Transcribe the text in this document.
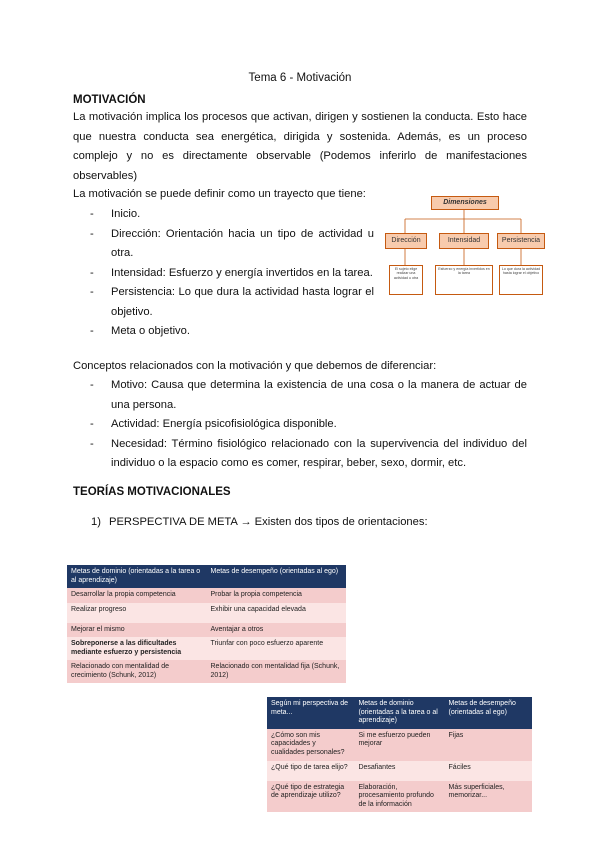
Tema 6 - Motivación
MOTIVACIÓN
La motivación implica los procesos que activan, dirigen y sostienen la conducta. Esto hace que nuestra conducta sea energética, dirigida y sostenida. Además, es un proceso complejo y no es directamente observable (Podemos inferirlo de manifestaciones observables)
La motivación se puede definir como un trayecto que tiene:
- Inicio.
- Dirección: Orientación hacia un tipo de actividad u otra.
- Intensidad: Esfuerzo y energía invertidos en la tarea.
- Persistencia: Lo que dura la actividad hasta lograr el objetivo.
- Meta o objetivo.
Dimensiones
Dirección	Intensidad	Persistencia
El sujeto elige realizar una actividad u otra
Esfuerzo y energía invertidos en la tarea
Lo que dura la actividad hasta lograr el objetivo
Conceptos relacionados con la motivación y que debemos de diferenciar:
- Motivo: Causa que determina la existencia de una cosa o la manera de actuar de una persona.
- Actividad: Energía psicofisiológica disponible.
- Necesidad: Término fisiológico relacionado con la supervivencia del individuo del individuo o la espacio como es comer, respirar, beber, sexo, dormir, etc.
TEORÍAS MOTIVACIONALES
1) PERSPECTIVA DE META → Existen dos tipos de orientaciones:
Metas de dominio (orientadas a la tarea o al aprendizaje)	Metas de desempeño (orientadas al ego)
Desarrollar la propia competencia	Probar la propia competencia
Realizar progreso	Exhibir una capacidad elevada
Mejorar el mismo	Aventajar a otros
Sobreponerse a las dificultades mediante esfuerzo y persistencia	Triunfar con poco esfuerzo aparente
Relacionado con mentalidad de crecimiento (Schunk, 2012)	Relacionado con mentalidad fija (Schunk, 2012)
Según mi perspectiva de meta...	Metas de dominio (orientadas a la tarea o al aprendizaje)	Metas de desempeño (orientadas al ego)
¿Cómo son mis capacidades y cualidades personales?	Si me esfuerzo pueden mejorar	Fijas
¿Qué tipo de tarea elijo?	Desafiantes	Fáciles
¿Qué tipo de estrategia de aprendizaje utilizo?	Elaboración, procesamiento profundo de la información	Más superficiales, memorizar...
